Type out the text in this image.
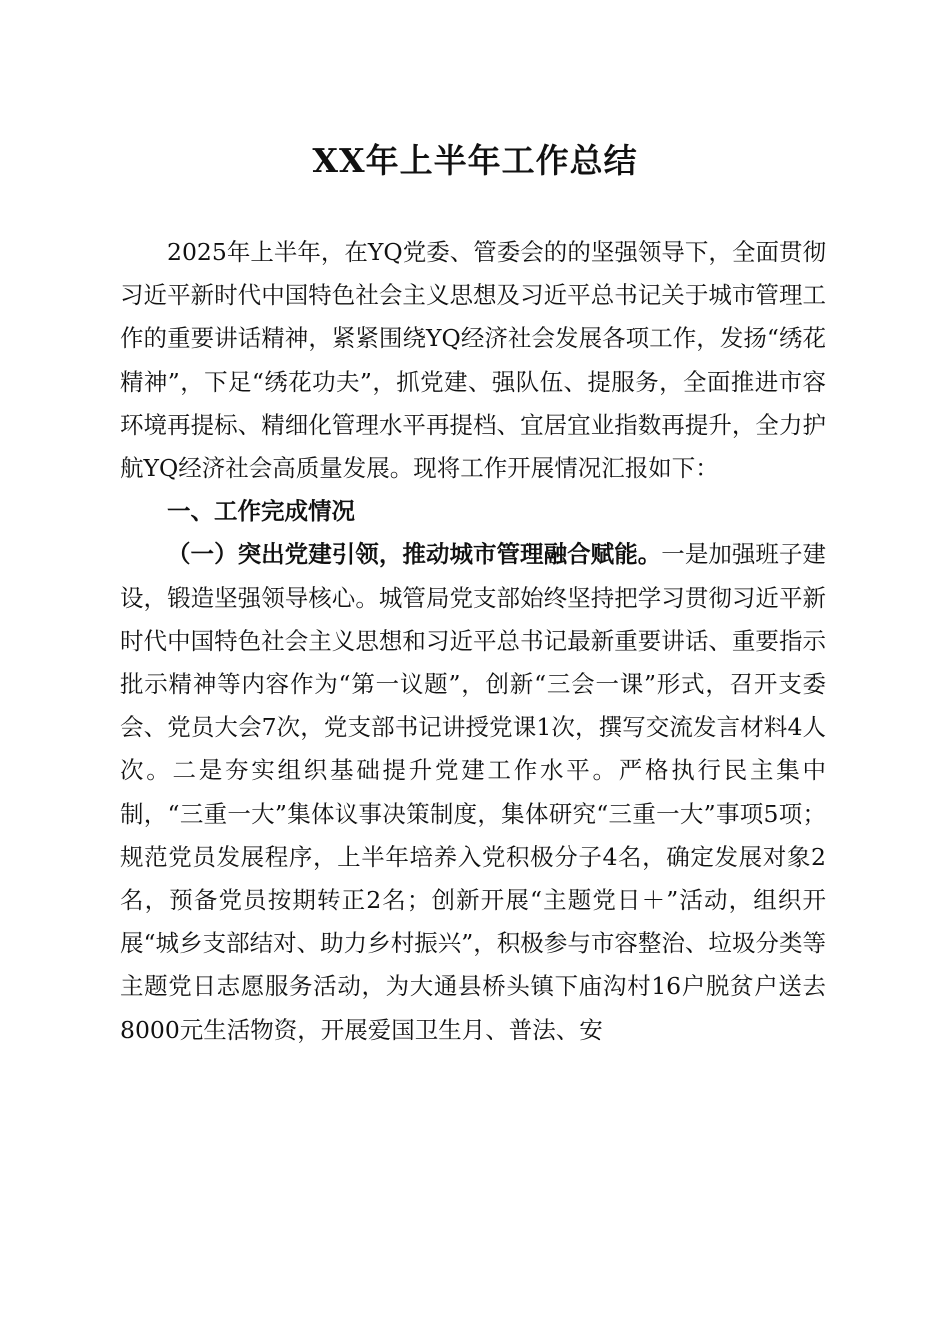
XX年上半年工作总结

2025年上半年，在YQ党委、管委会的的坚强领导下，全面贯彻习近平新时代中国特色社会主义思想及习近平总书记关于城市管理工作的重要讲话精神，紧紧围绕YQ经济社会发展各项工作，发扬“绣花精神”，下足“绣花功夫”，抓党建、强队伍、提服务，全面推进市容环境再提标、精细化管理水平再提档、宜居宜业指数再提升，全力护航YQ经济社会高质量发展。现将工作开展情况汇报如下：

一、工作完成情况

（一）突出党建引领，推动城市管理融合赋能。一是加强班子建设，锻造坚强领导核心。城管局党支部始终坚持把学习贯彻习近平新时代中国特色社会主义思想和习近平总书记最新重要讲话、重要指示批示精神等内容作为“第一议题”，创新“三会一课”形式，召开支委会、党员大会7次，党支部书记讲授党课1次，撰写交流发言材料4人次。二是夯实组织基础提升党建工作水平。严格执行民主集中制，“三重一大”集体议事决策制度，集体研究“三重一大”事项5项；规范党员发展程序，上半年培养入党积极分子4名，确定发展对象2名，预备党员按期转正2名；创新开展“主题党日＋”活动，组织开展“城乡支部结对、助力乡村振兴”，积极参与市容整治、垃圾分类等主题党日志愿服务活动，为大通县桥头镇下庙沟村16户脱贫户送去8000元生活物资，开展爱国卫生月、普法、安
